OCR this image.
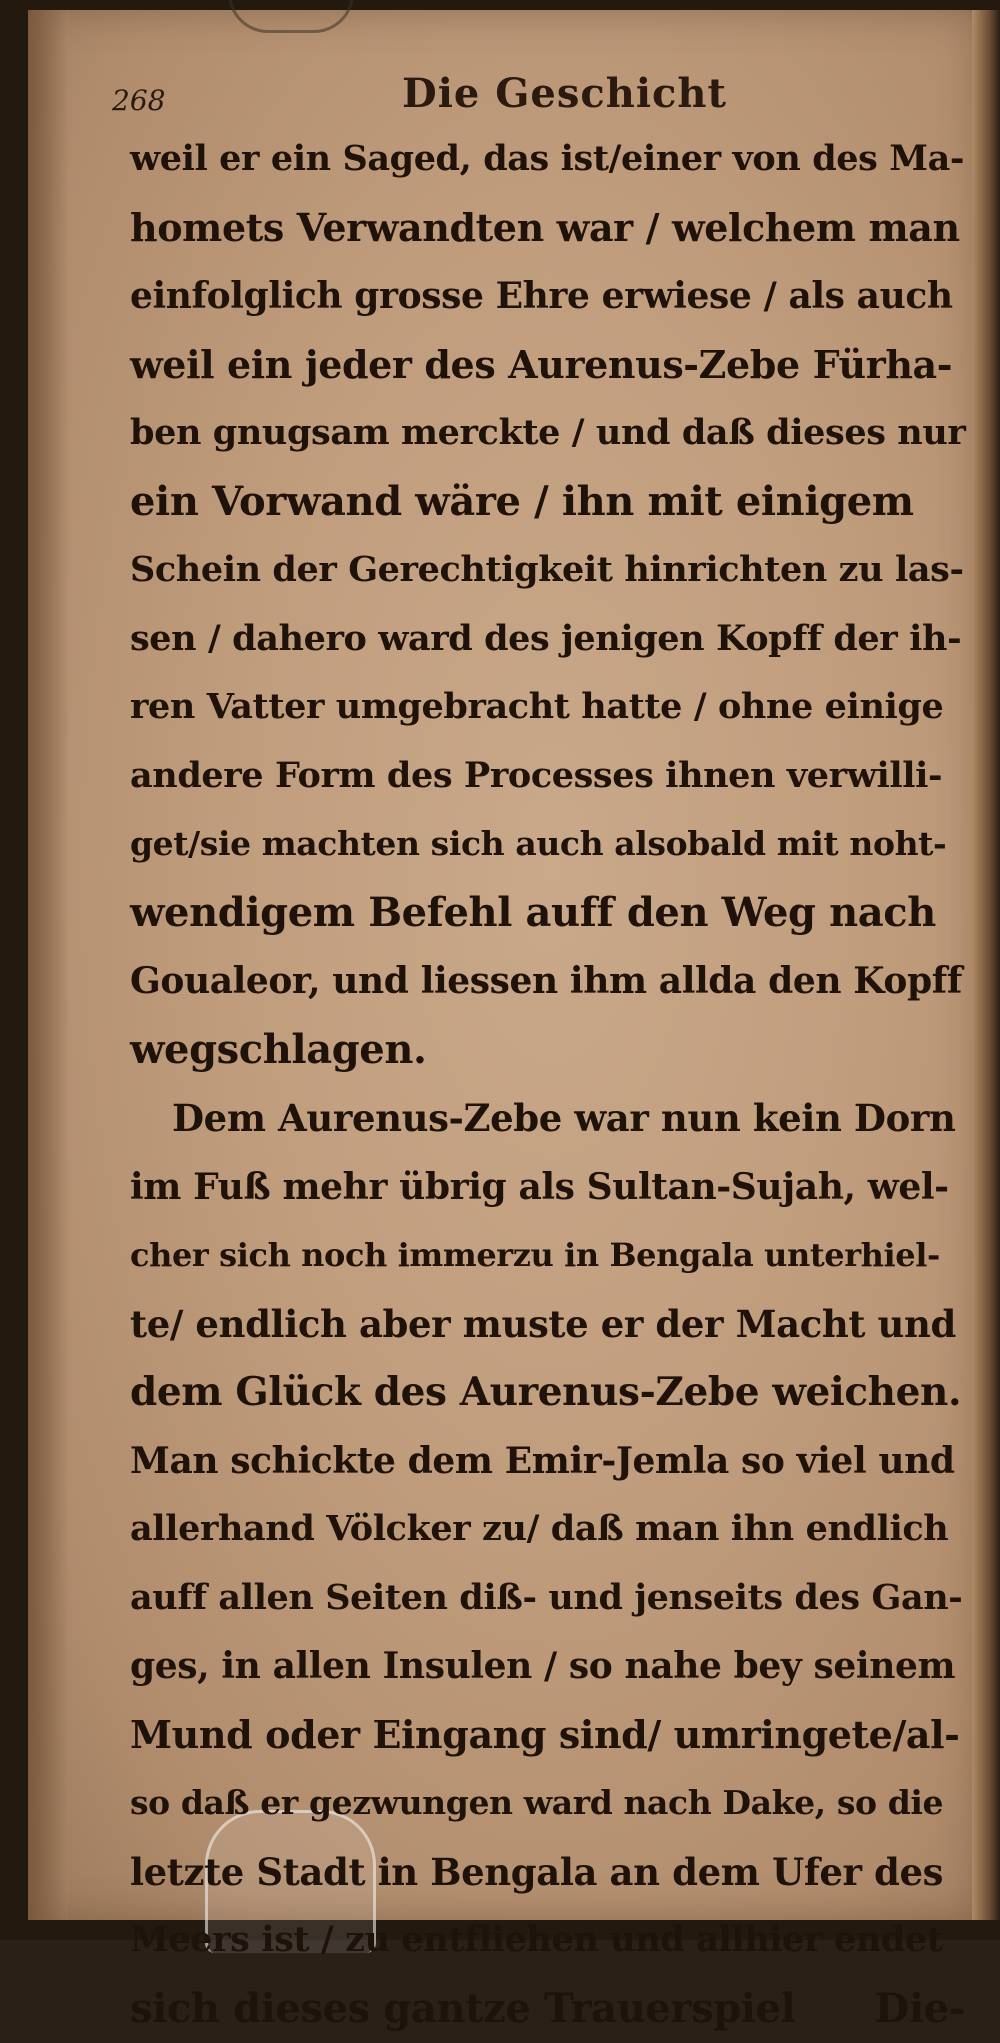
268	Die Geschicht
weil er ein Saged, das ist/einer von des Ma-
homets Verwandten war / welchem man
einfolglich grosse Ehre erwiese / als auch
weil ein jeder des Aurenus-Zebe Fürha-
ben gnugsam merckte / und daß dieses nur
ein Vorwand wäre / ihn mit einigem
Schein der Gerechtigkeit hinrichten zu las-
sen / dahero ward des jenigen Kopff der ih-
ren Vatter umgebracht hatte / ohne einige
andere Form des Processes ihnen verwilli-
get/sie machten sich auch alsobald mit noht-
wendigem Befehl auff den Weg nach
Goualeor, und liessen ihm allda den Kopff
wegschlagen.
Dem Aurenus-Zebe war nun kein Dorn
im Fuß mehr übrig als Sultan-Sujah, wel-
cher sich noch immerzu in Bengala unterhiel-
te/ endlich aber muste er der Macht und
dem Glück des Aurenus-Zebe weichen.
Man schickte dem Emir-Jemla so viel und
allerhand Völcker zu/ daß man ihn endlich
auff allen Seiten diß- und jenseits des Gan-
ges, in allen Insulen / so nahe bey seinem
Mund oder Eingang sind/ umringete/al-
so daß er gezwungen ward nach Dake, so die
letzte Stadt in Bengala an dem Ufer des
Meers ist / zu entfliehen und allhier endet
sich dieses gantze Trauerspiel Die-
